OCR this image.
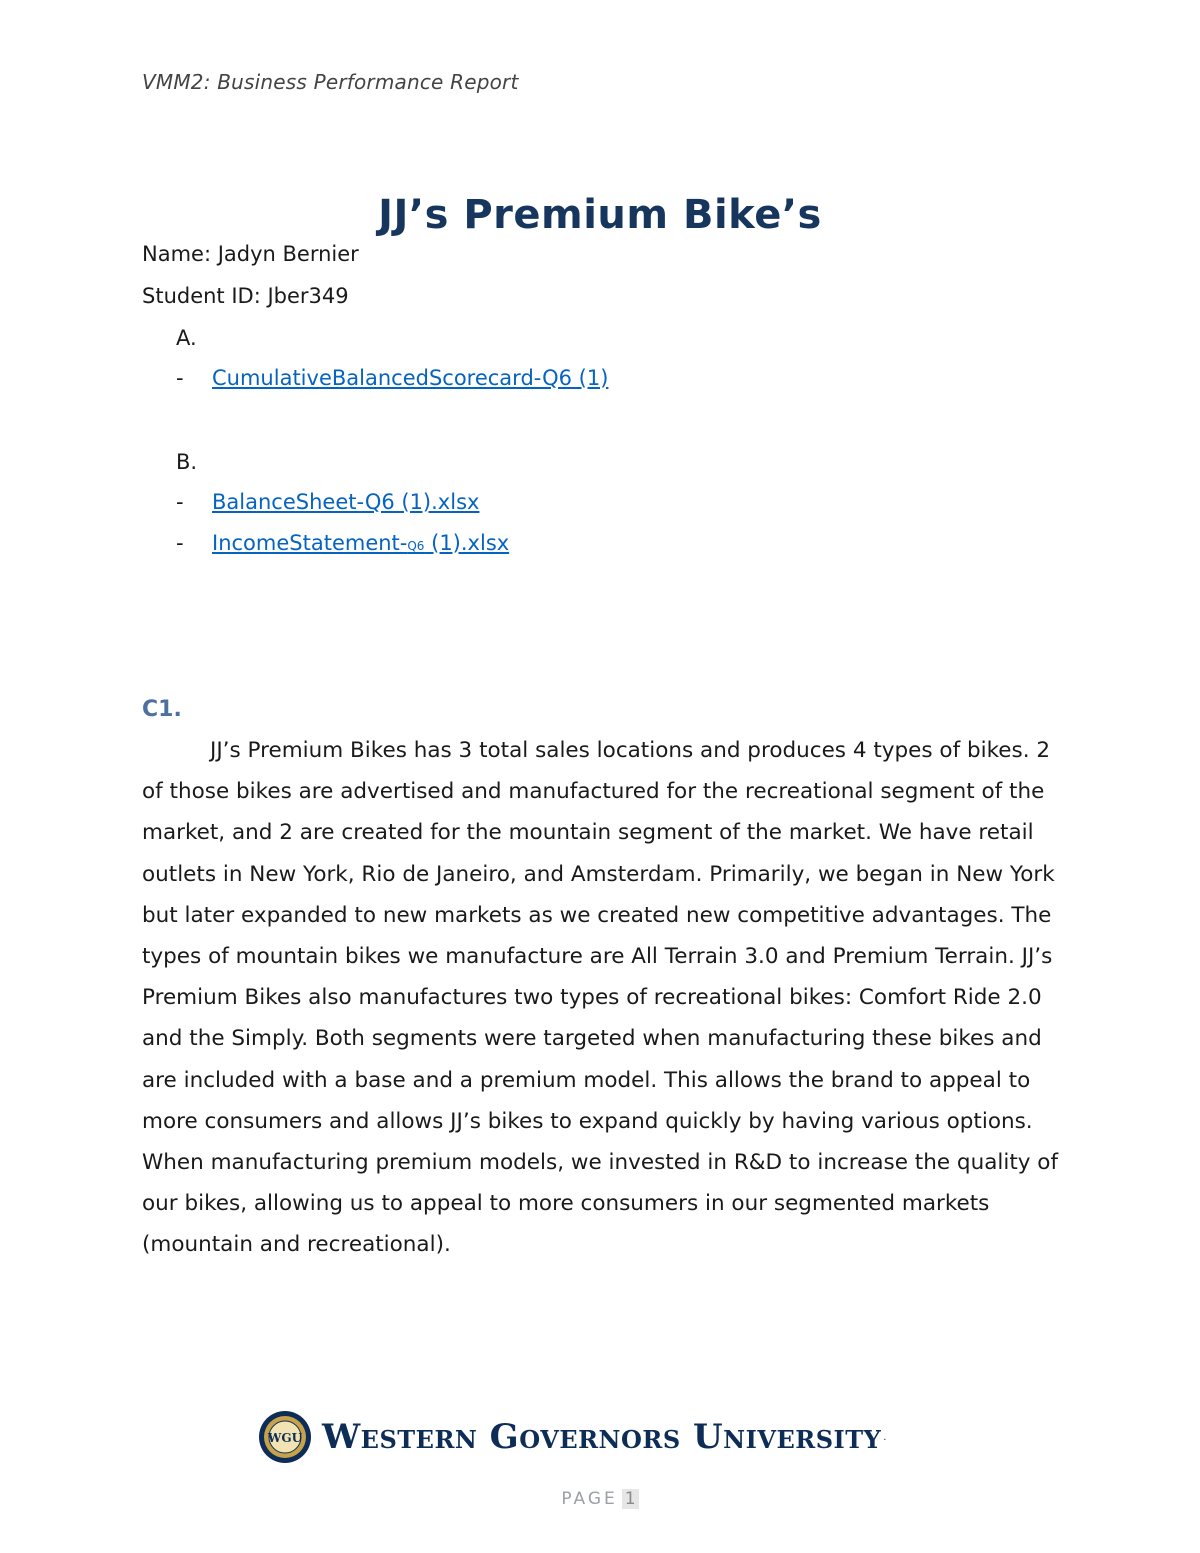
VMM2: Business Performance Report
JJ’s Premium Bike’s
Name: Jadyn Bernier
Student ID: Jber349
A.
- CumulativeBalancedScorecard-Q6 (1)
B.
- BalanceSheet-Q6 (1).xlsx
- IncomeStatement-Q6 (1).xlsx
C1.

JJ’s Premium Bikes has 3 total sales locations and produces 4 types of bikes. 2 of those bikes are advertised and manufactured for the recreational segment of the market, and 2 are created for the mountain segment of the market. We have retail outlets in New York, Rio de Janeiro, and Amsterdam. Primarily, we began in New York but later expanded to new markets as we created new competitive advantages. The types of mountain bikes we manufacture are All Terrain 3.0 and Premium Terrain. JJ’s Premium Bikes also manufactures two types of recreational bikes: Comfort Ride 2.0 and the Simply. Both segments were targeted when manufacturing these bikes and are included with a base and a premium model. This allows the brand to appeal to more consumers and allows JJ’s bikes to expand quickly by having various options. When manufacturing premium models, we invested in R&D to increase the quality of our bikes, allowing us to appeal to more consumers in our segmented markets (mountain and recreational).

WGU Western Governors University .
PAGE 1
